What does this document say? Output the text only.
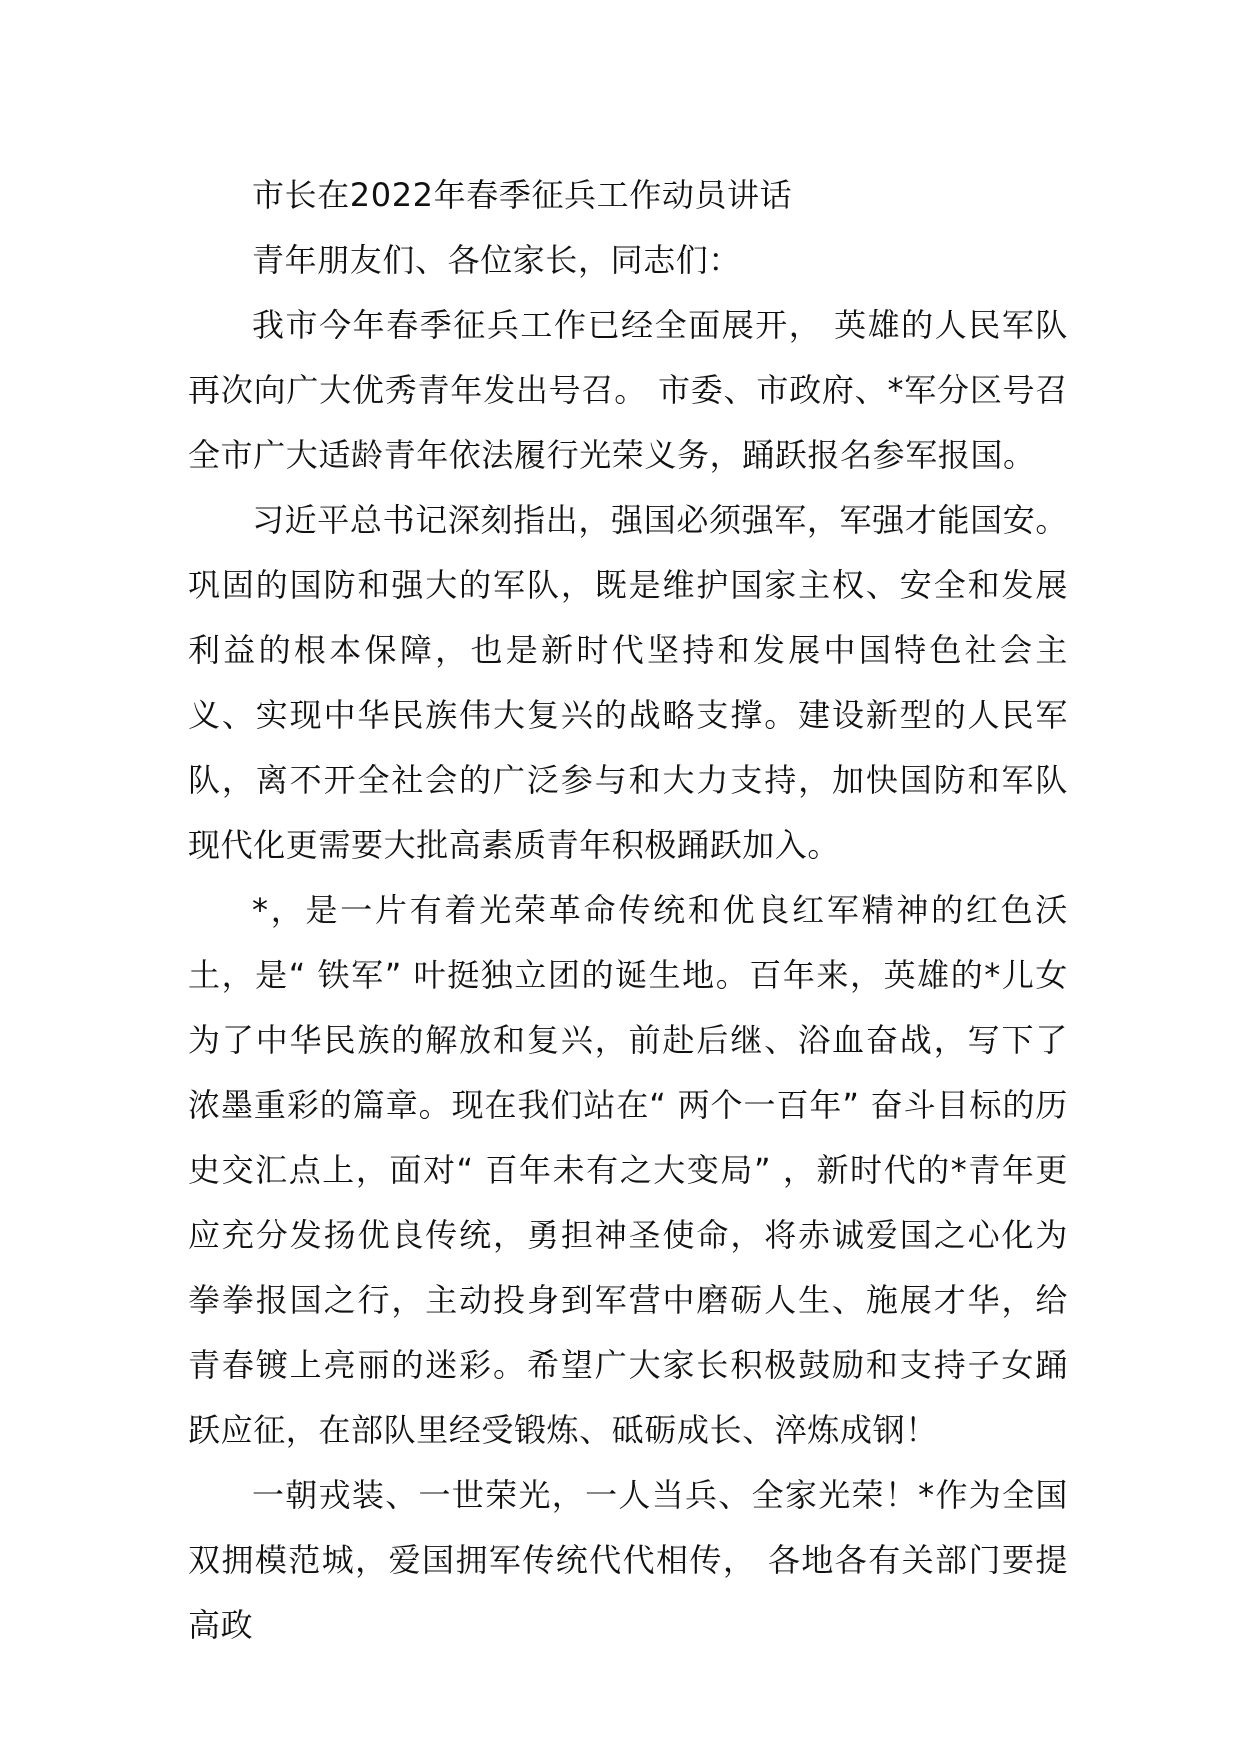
市长在2022年春季征兵工作动员讲话

青年朋友们、各位家长，同志们：

我市今年春季征兵工作已经全面展开， 英雄的人民军队再次向广大优秀青年发出号召。 市委、市政府、*军分区号召全市广大适龄青年依法履行光荣义务，踊跃报名参军报国。

习近平总书记深刻指出，强国必须强军，军强才能国安。巩固的国防和强大的军队，既是维护国家主权、安全和发展利益的根本保障，也是新时代坚持和发展中国特色社会主义、实现中华民族伟大复兴的战略支撑。建设新型的人民军队，离不开全社会的广泛参与和大力支持，加快国防和军队现代化更需要大批高素质青年积极踊跃加入。

*，是一片有着光荣革命传统和优良红军精神的红色沃土，是“ 铁军” 叶挺独立团的诞生地。百年来，英雄的*儿女为了中华民族的解放和复兴，前赴后继、浴血奋战，写下了浓墨重彩的篇章。现在我们站在“ 两个一百年” 奋斗目标的历史交汇点上，面对“ 百年未有之大变局” ，新时代的*青年更应充分发扬优良传统，勇担神圣使命，将赤诚爱国之心化为拳拳报国之行，主动投身到军营中磨砺人生、施展才华，给青春镀上亮丽的迷彩。希望广大家长积极鼓励和支持子女踊跃应征，在部队里经受锻炼、砥砺成长、淬炼成钢！

一朝戎装、一世荣光，一人当兵、全家光荣！*作为全国双拥模范城，爱国拥军传统代代相传， 各地各有关部门要提高政
